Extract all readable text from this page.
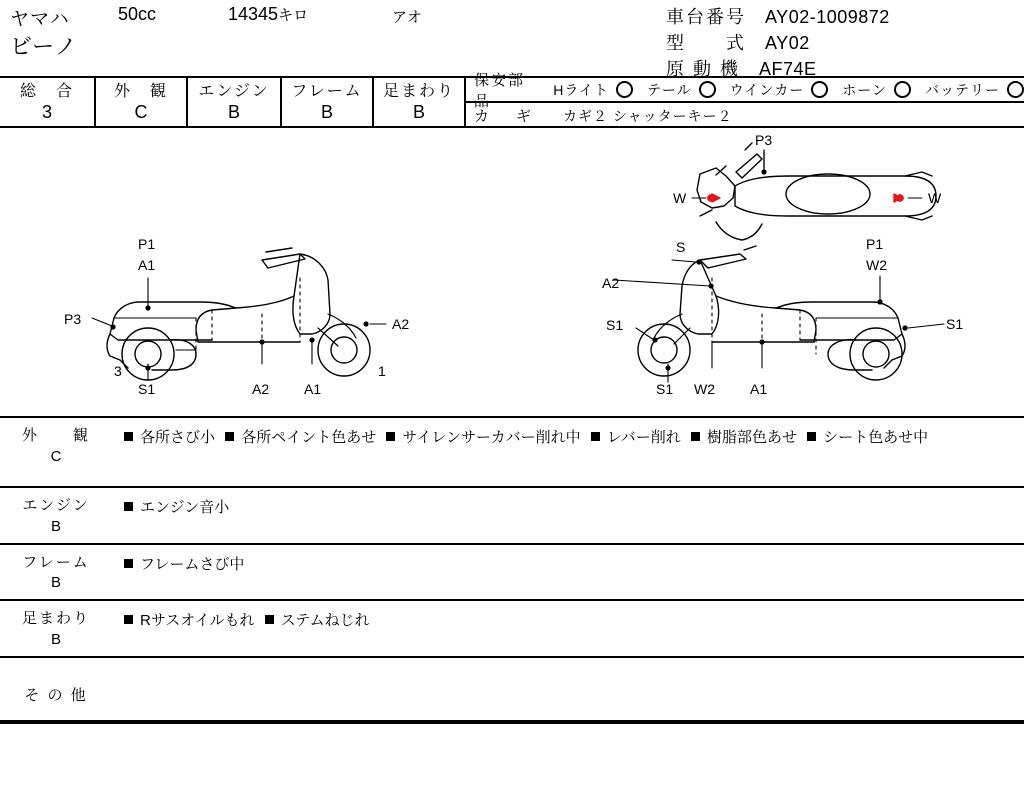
ヤマハ	50cc	14345キロ	アオ
ビーノ
車台番号 AY02-1009872
型　　式 AY02
原 動 機 AF74E
総　合
3
外　観
C
エンジン
B
フレーム
B
足まわり
B
保安部品
Hライト	テール	ウインカー	ホーン	バッテリー
カ　ギ カギ２ シャッターキー２
P3
W	W
P1
A1
P3
3
S1	A2 A1
A2
1
S	P1
W2
A2
S1
S1 W2	A1
S1
外　　観
C
各所さび小 各所ペイント色あせ サイレンサーカバー削れ中 レバー削れ 樹脂部色あせ シート色あせ中
エンジン
B
エンジン音小
フレーム
B
フレームさび中
足まわり
B
Rサスオイルもれ ステムねじれ
そ の 他
